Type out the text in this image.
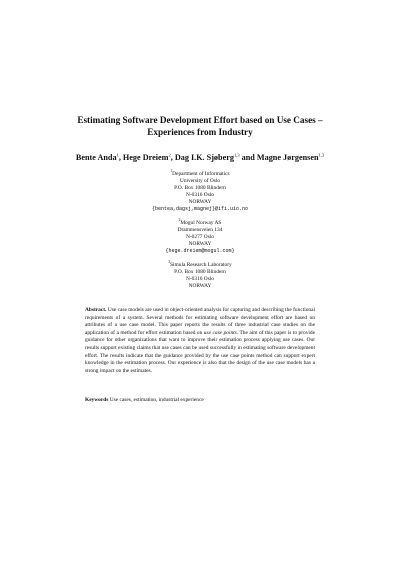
Estimating Software Development Effort based on Use Cases –
Experiences from Industry
Bente Anda$^1$, Hege Dreiem$^2$, Dag I.K. Sjøberg$^{1,3}$ and Magne Jørgensen$^{1,3}$
$^1$Department of Informatics
University of Oslo
P.O. Box 1080 Blindern
N-0316 Oslo
NORWAY
{bentea,dagsj,magnej}@ifi.uio.no
$^2$Mogul Norway AS
Drammensveien 134
N-0277 Oslo
NORWAY
{hege.dreiem@mogul.com}
$^3$Simula Research Laboratory
P.O. Box 1080 Blindern
N-0316 Oslo
NORWAY
Abstract. Use case models are used in object-oriented analysis for capturing and describing the functional requirements of a system. Several methods for estimating software development effort are based on attributes of a use case model. This paper reports the results of three industrial case studies on the application of a method for effort estimation based on use case points. The aim of this paper is to provide guidance for other organizations that want to improve their estimation process applying use cases. Our results support existing claims that use cases can be used successfully in estimating software development effort. The results indicate that the guidance provided by the use case points method can support expert knowledge in the estimation process. Our experience is also that the design of the use case models has a strong impact on the estimates.
Keywords Use cases, estimation, industrial experience
